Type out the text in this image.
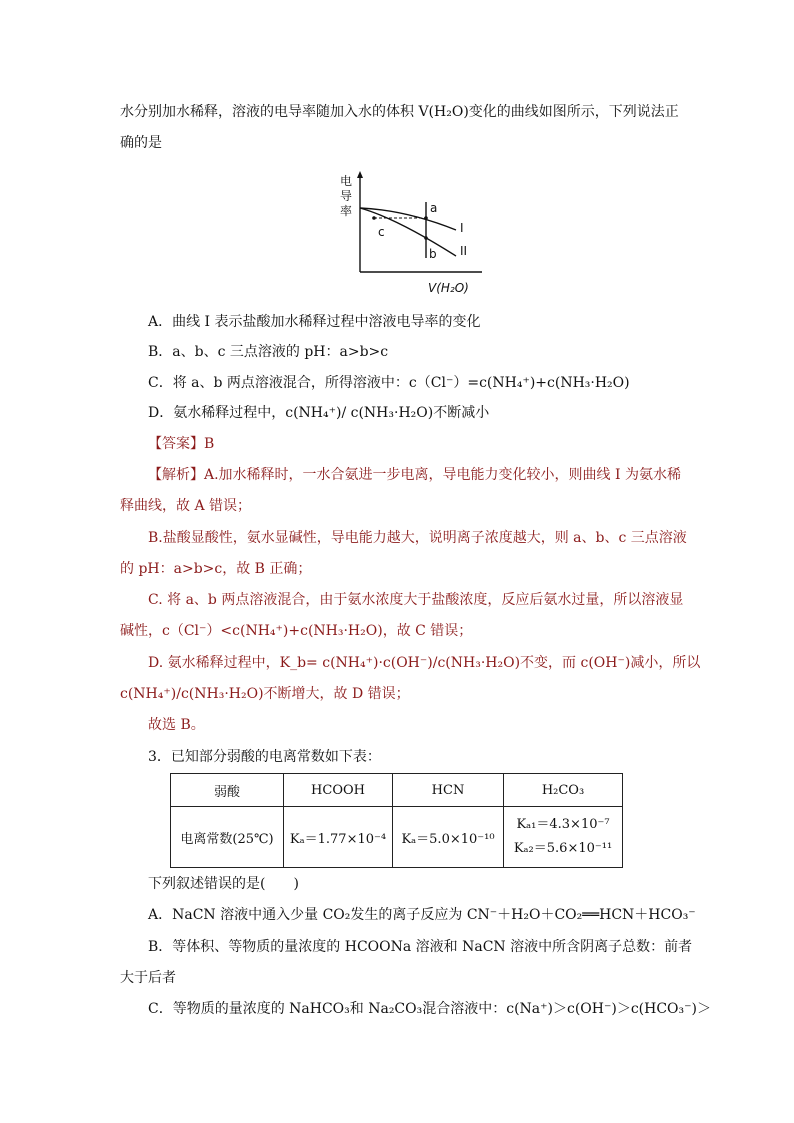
水分别加水稀释，溶液的电导率随加入水的体积 V(H₂O)变化的曲线如图所示，下列说法正
确的是
电
导
率	a
b
c	I
II
V(H₂O)
A．曲线 I 表示盐酸加水稀释过程中溶液电导率的变化
B．a、b、c 三点溶液的 pH：a>b>c
C．将 a、b 两点溶液混合，所得溶液中：c（Cl⁻）=c(NH₄⁺)+c(NH₃·H₂O)
D．氨水稀释过程中，c(NH₄⁺)/ c(NH₃·H₂O)不断减小
【答案】B
【解析】A.加水稀释时，一水合氨进一步电离，导电能力变化较小，则曲线 I 为氨水稀
释曲线，故 A 错误；
B.盐酸显酸性，氨水显碱性，导电能力越大，说明离子浓度越大，则 a、b、c 三点溶液
的 pH：a>b>c，故 B 正确；
C. 将 a、b 两点溶液混合，由于氨水浓度大于盐酸浓度，反应后氨水过量，所以溶液显
碱性，c（Cl⁻）<c(NH₄⁺)+c(NH₃·H₂O)，故 C 错误；
D. 氨水稀释过程中，K_b= c(NH₄⁺)·c(OH⁻)/c(NH₃·H₂O)不变，而 c(OH⁻)减小，所以
c(NH₄⁺)/c(NH₃·H₂O)不断增大，故 D 错误；
故选 B。
3．已知部分弱酸的电离常数如下表：
弱酸	HCOOH	HCN	H₂CO₃
电离常数(25℃)	Kₐ＝1.77×10⁻⁴	Kₐ＝5.0×10⁻¹⁰	Kₐ₁＝4.3×10⁻⁷
Kₐ₂＝5.6×10⁻¹¹
下列叙述错误的是(　　)
A．NaCN 溶液中通入少量 CO₂发生的离子反应为 CN⁻＋H₂O＋CO₂══HCN＋HCO₃⁻
B．等体积、等物质的量浓度的 HCOONa 溶液和 NaCN 溶液中所含阴离子总数：前者
大于后者
C．等物质的量浓度的 NaHCO₃和 Na₂CO₃混合溶液中：c(Na⁺)＞c(OH⁻)＞c(HCO₃⁻)＞
